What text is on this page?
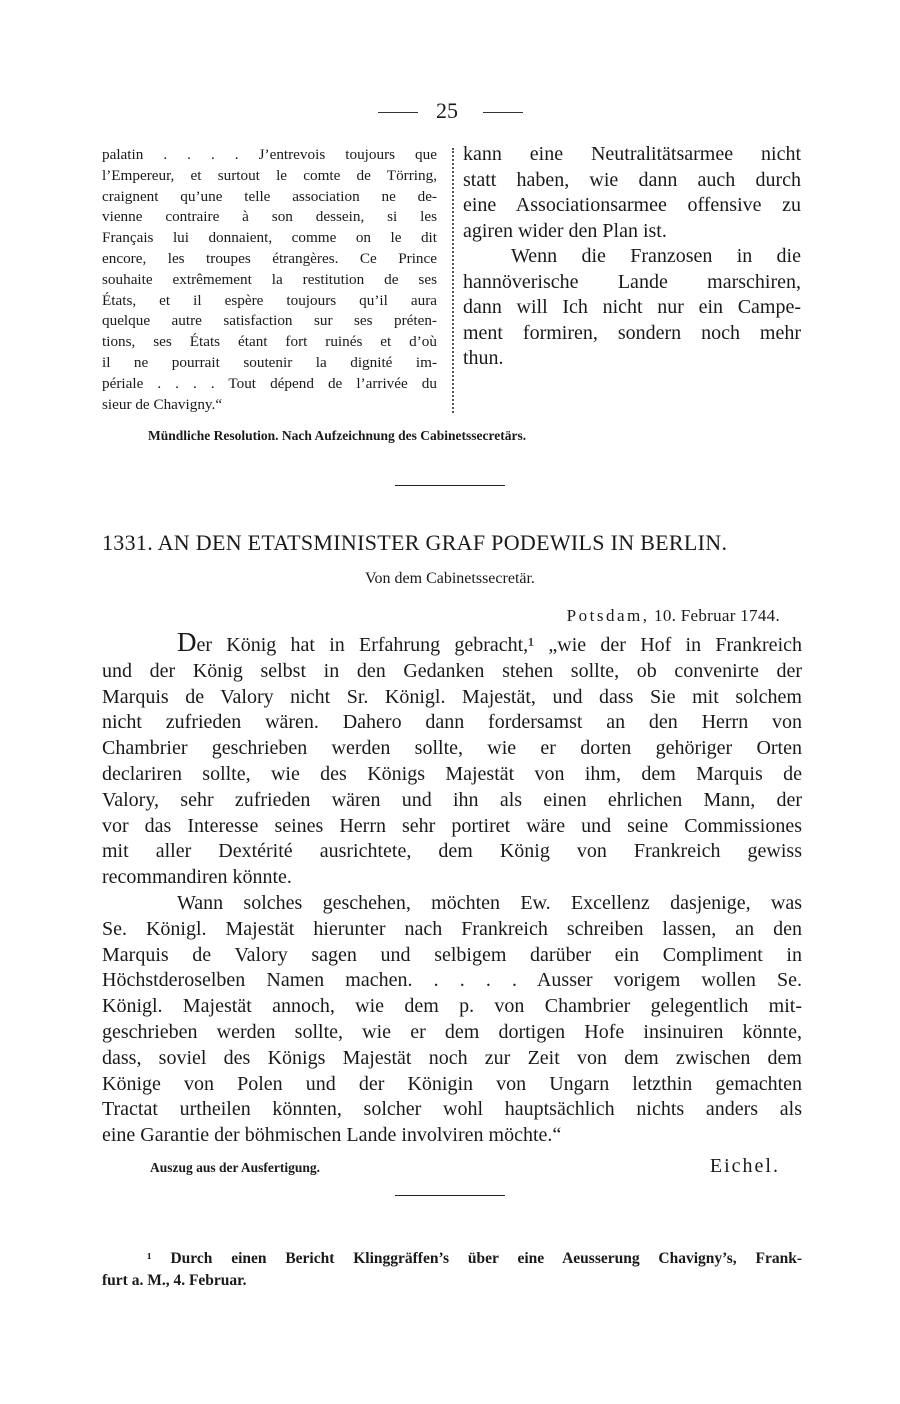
25
palatin . . . . J’entrevois toujours que
l’Empereur, et surtout le comte de Törring,
craignent qu’une telle association ne de-
vienne contraire à son dessein, si les
Français lui donnaient, comme on le dit
encore, les troupes étrangères. Ce Prince
souhaite extrêmement la restitution de ses
États, et il espère toujours qu’il aura
quelque autre satisfaction sur ses préten-
tions, ses États étant fort ruinés et d’où
il ne pourrait soutenir la dignité im-
périale . . . . Tout dépend de l’arrivée du
sieur de Chavigny.“
kann eine Neutralitätsarmee nicht
statt haben, wie dann auch durch
eine Associationsarmee offensive zu
agiren wider den Plan ist.
Wenn die Franzosen in die
hannöverische Lande marschiren,
dann will Ich nicht nur ein Campe-
ment formiren, sondern noch mehr
thun.
Mündliche Resolution. Nach Aufzeichnung des Cabinetssecretärs.
1331. AN DEN ETATSMINISTER GRAF PODEWILS IN BERLIN.
Von dem Cabinetssecretär.
Potsdam, 10. Februar 1744.
Der König hat in Erfahrung gebracht,¹ „wie der Hof in Frankreich
und der König selbst in den Gedanken stehen sollte, ob convenirte der
Marquis de Valory nicht Sr. Königl. Majestät, und dass Sie mit solchem
nicht zufrieden wären. Dahero dann fordersamst an den Herrn von
Chambrier geschrieben werden sollte, wie er dorten gehöriger Orten
declariren sollte, wie des Königs Majestät von ihm, dem Marquis de
Valory, sehr zufrieden wären und ihn als einen ehrlichen Mann, der
vor das Interesse seines Herrn sehr portiret wäre und seine Commissiones
mit aller Dextérité ausrichtete, dem König von Frankreich gewiss
recommandiren könnte.
Wann solches geschehen, möchten Ew. Excellenz dasjenige, was
Se. Königl. Majestät hierunter nach Frankreich schreiben lassen, an den
Marquis de Valory sagen und selbigem darüber ein Compliment in
Höchstderoselben Namen machen. . . . . Ausser vorigem wollen Se.
Königl. Majestät annoch, wie dem p. von Chambrier gelegentlich mit-
geschrieben werden sollte, wie er dem dortigen Hofe insinuiren könnte,
dass, soviel des Königs Majestät noch zur Zeit von dem zwischen dem
Könige von Polen und der Königin von Ungarn letzthin gemachten
Tractat urtheilen könnten, solcher wohl hauptsächlich nichts anders als
eine Garantie der böhmischen Lande involviren möchte.“
Auszug aus der Ausfertigung.	Eichel.
¹ Durch einen Bericht Klinggräffen’s über eine Aeusserung Chavigny’s, Frank-
furt a. M., 4. Februar.
